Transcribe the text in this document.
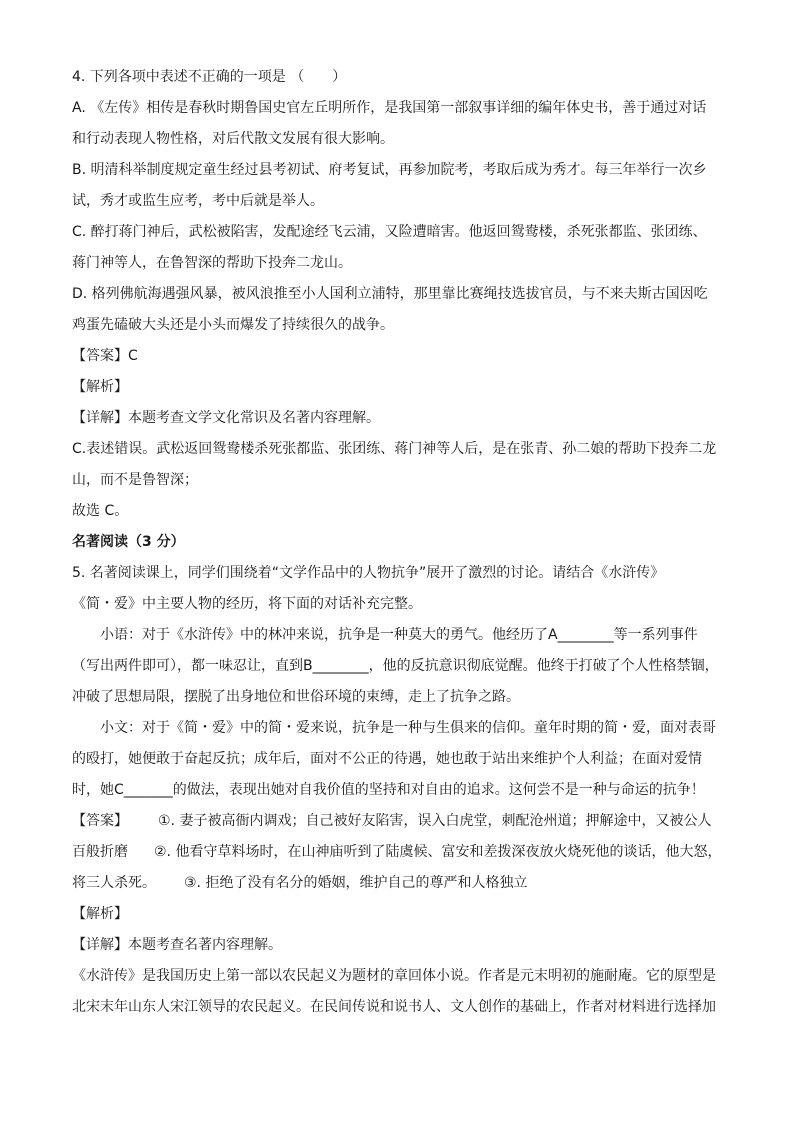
4. 下列各项中表述不正确的一项是 （　　）
A. 《左传》相传是春秋时期鲁国史官左丘明所作，是我国第一部叙事详细的编年体史书，善于通过对话
和行动表现人物性格，对后代散文发展有很大影响。
B. 明清科举制度规定童生经过县考初试、府考复试，再参加院考，考取后成为秀才。每三年举行一次乡
试，秀才或监生应考，考中后就是举人。
C. 醉打蒋门神后，武松被陷害，发配途经飞云浦，又险遭暗害。他返回鸳鸯楼，杀死张都监、张团练、
蒋门神等人，在鲁智深的帮助下投奔二龙山。
D. 格列佛航海遇强风暴，被风浪推至小人国利立浦特，那里靠比赛绳技选拔官员，与不来夫斯古国因吃
鸡蛋先磕破大头还是小头而爆发了持续很久的战争。
【答案】C
【解析】
【详解】本题考查文学文化常识及名著内容理解。
C.表述错误。武松返回鸳鸯楼杀死张都监、张团练、蒋门神等人后，是在张青、孙二娘的帮助下投奔二龙
山，而不是鲁智深；
故选 C。
名著阅读（3 分）
5. 名著阅读课上，同学们围绕着“文学作品中的人物抗争”展开了激烈的讨论。请结合《水浒传》
《简・爱》中主要人物的经历，将下面的对话补充完整。
小语：对于《水浒传》中的林冲来说，抗争是一种莫大的勇气。他经历了A________等一系列事件
（写出两件即可），都一味忍让，直到B________，他的反抗意识彻底觉醒。他终于打破了个人性格禁锢，
冲破了思想局限，摆脱了出身地位和世俗环境的束缚，走上了抗争之路。
小文：对于《简・爱》中的简・爱来说，抗争是一种与生俱来的信仰。童年时期的简・爱，面对表哥
的殴打，她便敢于奋起反抗；成年后，面对不公正的待遇，她也敢于站出来维护个人利益；在面对爱情
时，她C_______的做法，表现出她对自我价值的坚持和对自由的追求。这何尝不是一种与命运的抗争！
【答案】 ①. 妻子被高衙内调戏；自己被好友陷害，误入白虎堂，刺配沧州道；押解途中，又被公人
百般折磨 ②. 他看守草料场时，在山神庙听到了陆虞候、富安和差拨深夜放火烧死他的谈话，他大怒，
将三人杀死。 ③. 拒绝了没有名分的婚姻，维护自己的尊严和人格独立
【解析】
【详解】本题考查名著内容理解。
《水浒传》是我国历史上第一部以农民起义为题材的章回体小说。作者是元末明初的施耐庵。它的原型是
北宋末年山东人宋江领导的农民起义。在民间传说和说书人、文人创作的基础上，作者对材料进行选择加
